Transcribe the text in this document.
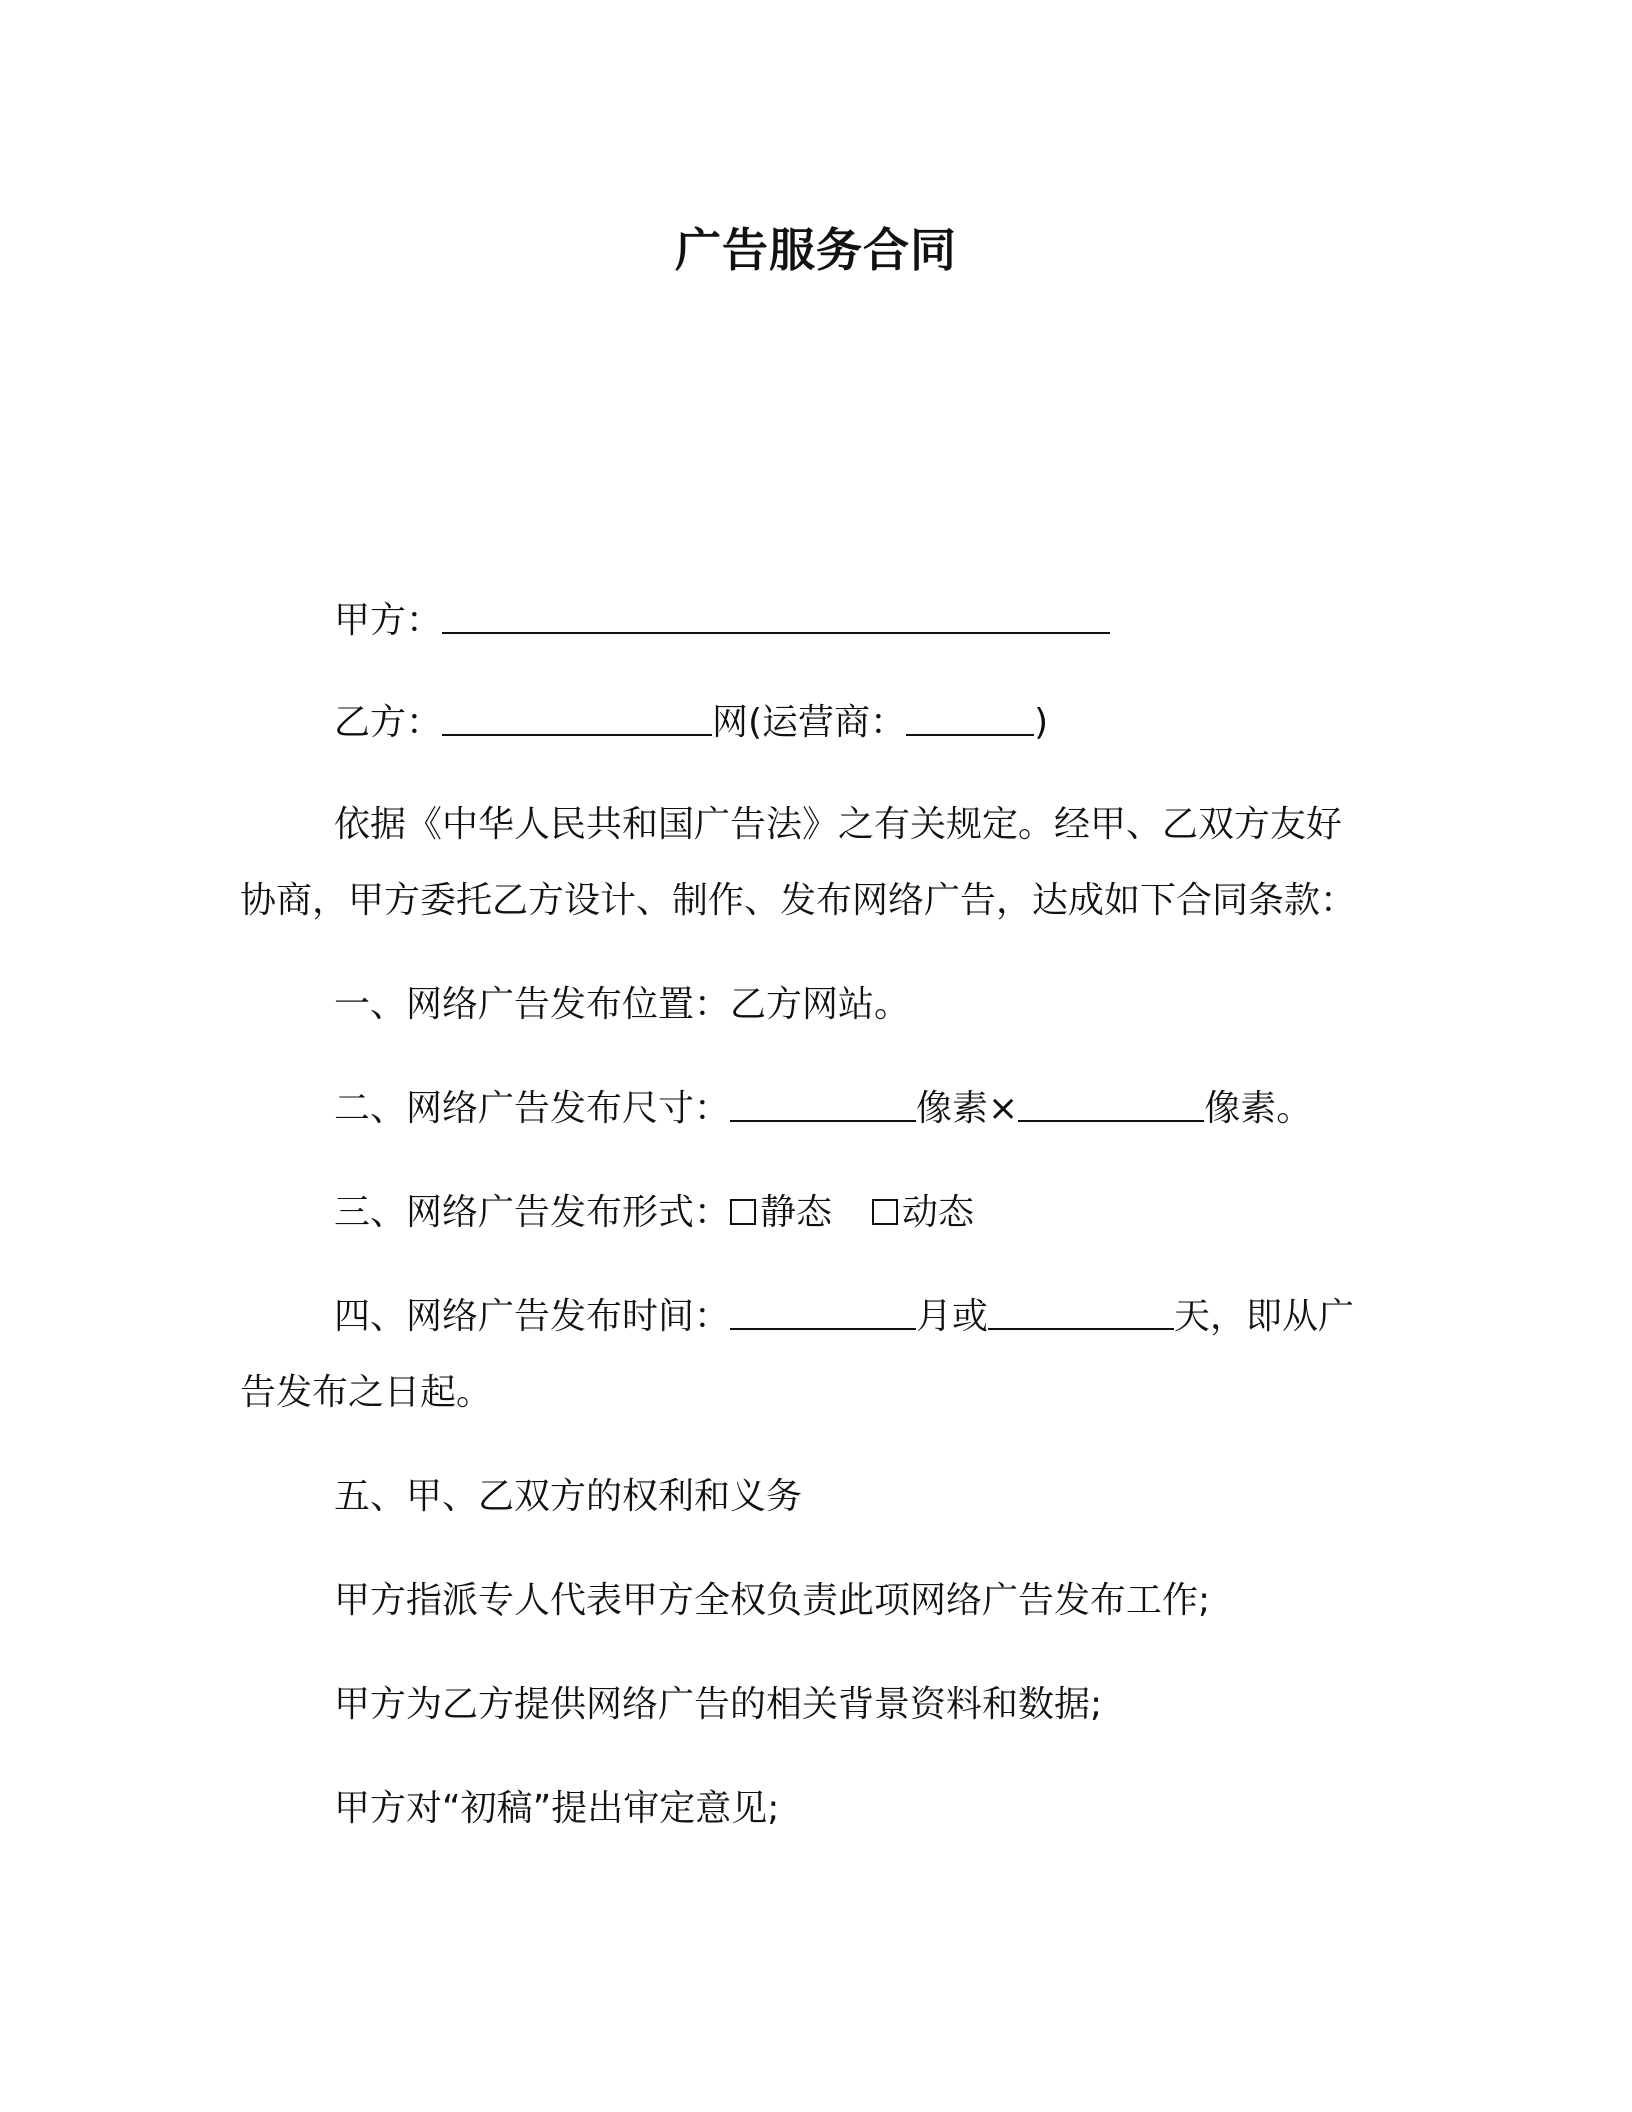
广告服务合同
甲方：
乙方：	网(运营商：	)
依据《中华人民共和国广告法》之有关规定。经甲、乙双方友好
协商，甲方委托乙方设计、制作、发布网络广告，达成如下合同条款：
一、网络广告发布位置：乙方网站。
二、网络广告发布尺寸：	像素×	像素。
三、网络广告发布形式： 静态 动态
四、网络广告发布时间：	月或	天，即从广
告发布之日起。
五、甲、乙双方的权利和义务
甲方指派专人代表甲方全权负责此项网络广告发布工作;
甲方为乙方提供网络广告的相关背景资料和数据;
甲方对“初稿”提出审定意见;
